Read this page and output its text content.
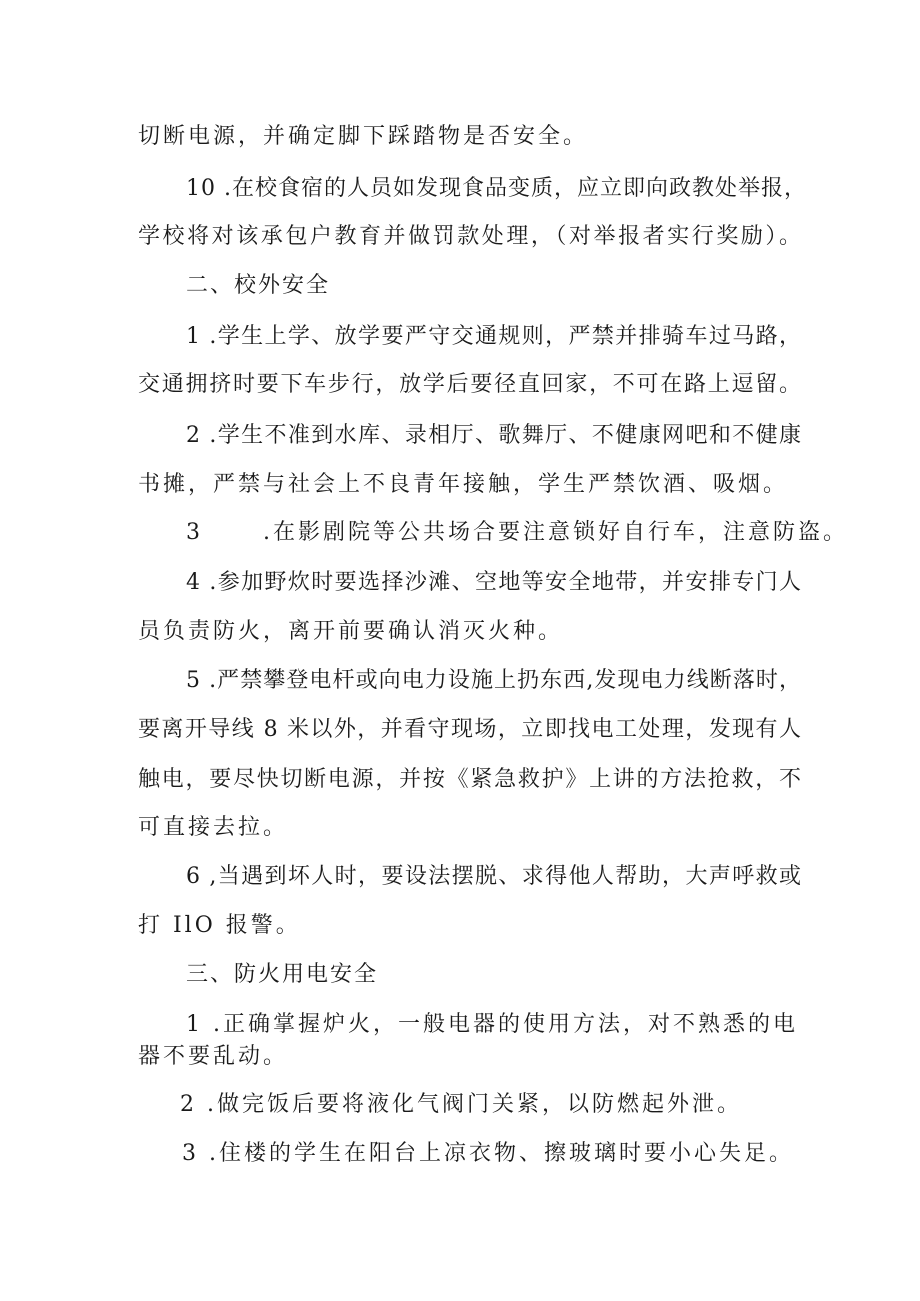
切断电源，并确定脚下踩踏物是否安全。
10 .在校食宿的人员如发现食品变质，应立即向政教处举报，
学校将对该承包户教育并做罚款处理，（对举报者实行奖励）。
二、校外安全
1 .学生上学、放学要严守交通规则，严禁并排骑车过马路，
交通拥挤时要下车步行，放学后要径直回家，不可在路上逗留。
2 .学生不准到水库、录相厅、歌舞厅、不健康网吧和不健康
书摊，严禁与社会上不良青年接触，学生严禁饮酒、吸烟。
3      .在影剧院等公共场合要注意锁好自行车，注意防盗。
4 .参加野炊时要选择沙滩、空地等安全地带，并安排专门人
员负责防火，离开前要确认消灭火种。
5 .严禁攀登电杆或向电力设施上扔东西,发现电力线断落时，
要离开导线 8 米以外，并看守现场，立即找电工处理，发现有人
触电，要尽快切断电源，并按《紧急救护》上讲的方法抢救，不
可直接去拉。
6 ,当遇到坏人时，要设法摆脱、求得他人帮助，大声呼救或
打 IlO 报警。
三、防火用电安全
1 .正确掌握炉火，一般电器的使用方法，对不熟悉的电
器不要乱动。
2 .做完饭后要将液化气阀门关紧，以防燃起外泄。
3 .住楼的学生在阳台上凉衣物、擦玻璃时要小心失足。
